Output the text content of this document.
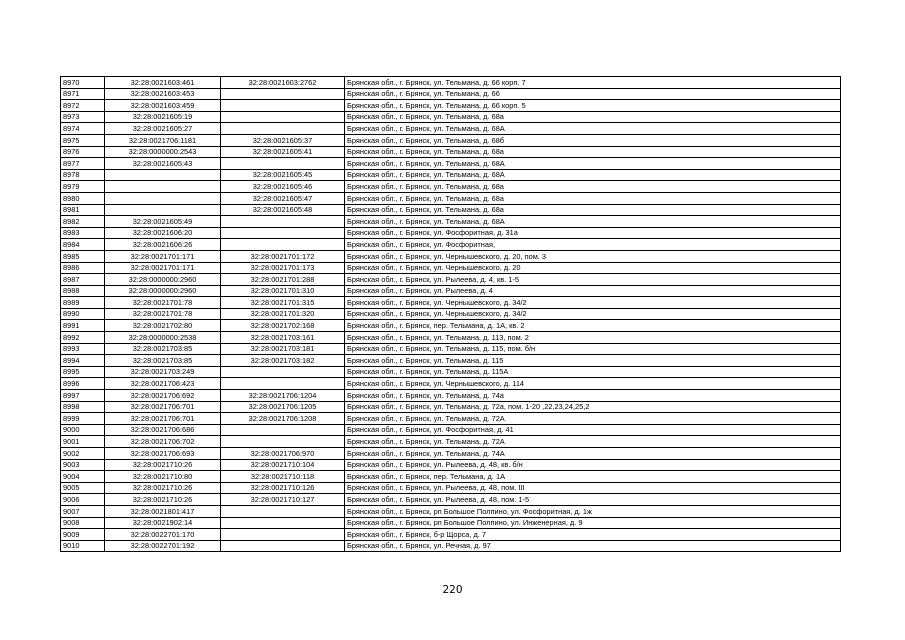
8970	32:28:0021603:461	32:28:0021603:2762	Брянская обл., г. Брянск, ул. Тельмана, д. 66 корп. 7
8971	32:28:0021603:453		Брянская обл., г. Брянск, ул. Тельмана, д. 66
8972	32:28:0021603:459		Брянская обл., г. Брянск, ул. Тельмана, д. 66 корп. 5
8973	32:28:0021605:19		Брянская обл., г. Брянск, ул. Тельмана, д. 68а
8974	32:28:0021605:27		Брянская обл., г. Брянск, ул. Тельмана, д. 68А
8975	32:28:0021706:1181	32:28:0021605:37	Брянская обл., г. Брянск, ул. Тельмана, д. 68б
8976	32:28:0000000:2543	32:28:0021605:41	Брянская обл., г. Брянск, ул. Тельмана, д. 68а
8977	32:28:0021605:43		Брянская обл., г. Брянск, ул. Тельмана, д. 68А
8978		32:28:0021605:45	Брянская обл., г. Брянск, ул. Тельмана, д. 68А
8979		32:28:0021605:46	Брянская обл., г. Брянск, ул. Тельмана, д. 68а
8980		32:28:0021605:47	Брянская обл., г. Брянск, ул. Тельмана, д. 68а
8981		32:28:0021605:48	Брянская обл., г. Брянск, ул. Тельмана, д. 68а
8982	32:28:0021605:49		Брянская обл., г. Брянск, ул. Тельмана, д. 68А
8983	32:28:0021606:20		Брянская обл., г. Брянск, ул. Фосфоритная, д. 31а
8984	32:28:0021606:26		Брянская обл., г. Брянск, ул. Фосфоритная,
8985	32:28:0021701:171	32:28:0021701:172	Брянская обл., г. Брянск, ул. Чернышевского, д. 20, пом. 3
8986	32:28:0021701:171	32:28:0021701:173	Брянская обл., г. Брянск, ул. Чернышевского, д. 20
8987	32:28:0000000:2960	32:28:0021701:288	Брянская обл., г. Брянск, ул. Рылеева, д. 4, кв. 1-5
8988	32:28:0000000:2960	32:28:0021701:310	Брянская обл., г. Брянск, ул. Рылеева, д. 4
8989	32:28:0021701:78	32:28:0021701:315	Брянская обл., г. Брянск, ул. Чернышевского, д. 34/2
8990	32:28:0021701:78	32:28:0021701:320	Брянская обл., г. Брянск, ул. Чернышевского, д. 34/2
8991	32:28:0021702:80	32:28:0021702:168	Брянская обл., г. Брянск, пер. Тельмана, д. 1А, кв. 2
8992	32:28:0000000:2538	32:28:0021703:161	Брянская обл., г. Брянск, ул. Тельмана, д. 113, пом. 2
8993	32:28:0021703:85	32:28:0021703:181	Брянская обл., г. Брянск, ул. Тельмана, д. 115, пом. б/н
8994	32:28:0021703:85	32:28:0021703:182	Брянская обл., г. Брянск, ул. Тельмана, д. 115
8995	32:28:0021703:249		Брянская обл., г. Брянск, ул. Тельмана, д. 115А
8996	32:28:0021706:423		Брянская обл., г. Брянск, ул. Чернышевского, д. 114
8997	32:28:0021706:692	32:28:0021706:1204	Брянская обл., г. Брянск, ул. Тельмана, д. 74а
8998	32:28:0021706:701	32:28:0021706:1205	Брянская обл., г. Брянск, ул. Тельмана, д. 72а, пом. 1-20 ,22,23,24,25,2
8999	32:28:0021706:701	32:28:0021706:1208	Брянская обл., г. Брянск, ул. Тельмана, д. 72А
9000	32:28:0021706:686		Брянская обл., г. Брянск, ул. Фосфоритная, д. 41
9001	32:28:0021706:702		Брянская обл., г. Брянск, ул. Тельмана, д. 72А
9002	32:28:0021706:693	32:28:0021706:970	Брянская обл., г. Брянск, ул. Тельмана, д. 74А
9003	32:28:0021710:26	32:28:0021710:104	Брянская обл., г. Брянск, ул. Рылеева, д. 48, кв. б/н
9004	32:28:0021710:80	32:28:0021710:118	Брянская обл., г. Брянск, пер. Тельмана, д. 1А
9005	32:28:0021710:26	32:28:0021710:126	Брянская обл., г. Брянск, ул. Рылеева, д. 48, пом. III
9006	32:28:0021710:26	32:28:0021710:127	Брянская обл., г. Брянск, ул. Рылеева, д. 48, пом. 1-5
9007	32:28:0021801:417		Брянская обл., г. Брянск, рп Большое Полпино, ул. Фосфоритная, д. 1ж
9008	32:28:0021902:14		Брянская обл., г. Брянск, рп Большое Полпино, ул. Инженерная, д. 9
9009	32:28:0022701:170		Брянская обл., г. Брянск, б-р Щорса, д. 7
9010	32:28:0022701:192		Брянская обл., г. Брянск, ул. Речная, д. 97
220
